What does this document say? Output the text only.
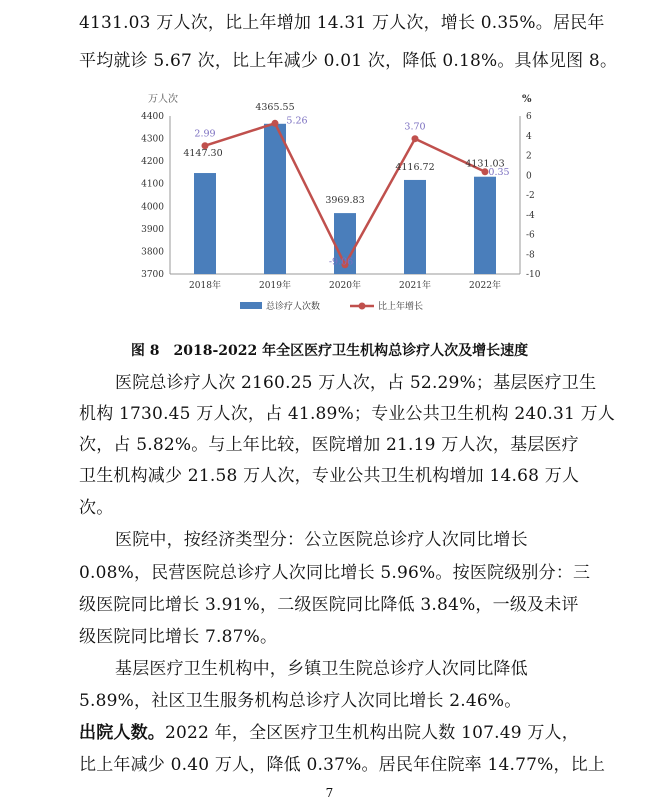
4131.03 万人次，比上年增加 14.31 万人次，增长 0.35%。居民年
平均就诊 5.67 次，比上年减少 0.01 次，降低 0.18%。具体见图 8。
3700
3800
3900
4000
4100
4200
4300
4400	6
4
2
0
-2
-4
-6
-8
-10
万人次	%
2018年	2019年	2020年	2021年	2022年
4147.30
4365.55
3969.83
4116.72	4131.03
2.99
5.26
-9.06
3.70
0.35
总诊疗人次数	比上年增长
图 8　2018-2022 年全区医疗卫生机构总诊疗人次及增长速度
医院总诊疗人次 2160.25 万人次，占 52.29%；基层医疗卫生
机构 1730.45 万人次，占 41.89%；专业公共卫生机构 240.31 万人
次，占 5.82%。与上年比较，医院增加 21.19 万人次，基层医疗
卫生机构减少 21.58 万人次，专业公共卫生机构增加 14.68 万人
次。
医院中，按经济类型分：公立医院总诊疗人次同比增长
0.08%，民营医院总诊疗人次同比增长 5.96%。按医院级别分：三
级医院同比增长 3.91%，二级医院同比降低 3.84%，一级及未评
级医院同比增长 7.87%。
基层医疗卫生机构中，乡镇卫生院总诊疗人次同比降低
5.89%，社区卫生服务机构总诊疗人次同比增长 2.46%。
出院人数。2022 年，全区医疗卫生机构出院人数 107.49 万人，
比上年减少 0.40 万人，降低 0.37%。居民年住院率 14.77%，比上
7
